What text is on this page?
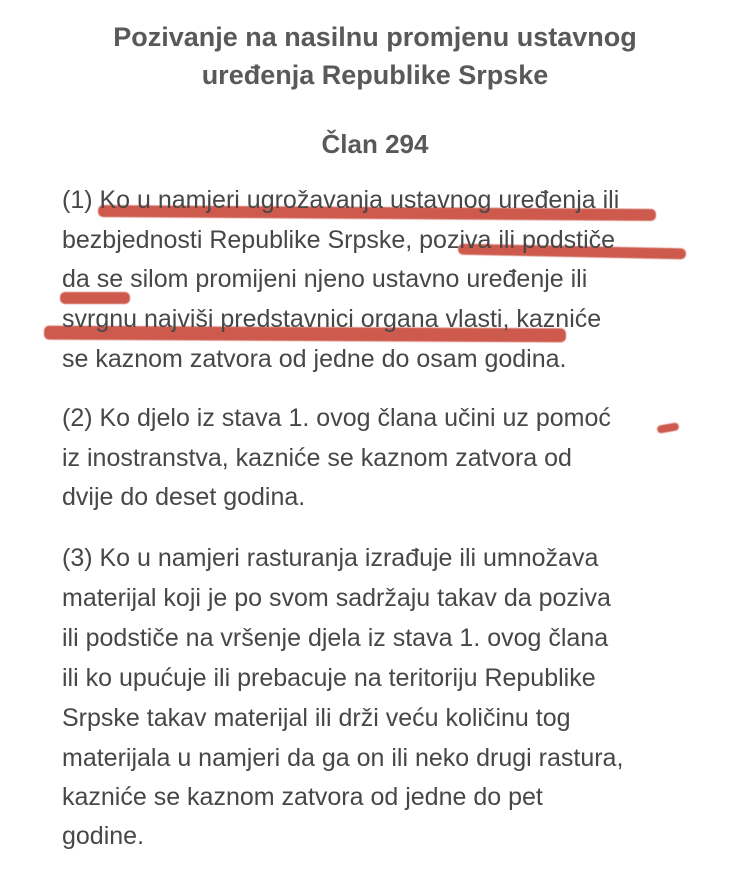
Pozivanje na nasilnu promjenu ustavnog
uređenja Republike Srpske
Član 294
(1) Ko u namjeri ugrožavanja ustavnog uređenja ili
bezbjednosti Republike Srpske, poziva ili podstiče
da se silom promijeni njeno ustavno uređenje ili
svrgnu najviši predstavnici organa vlasti, kazniće
se kaznom zatvora od jedne do osam godina.
(2) Ko djelo iz stava 1. ovog člana učini uz pomoć
iz inostranstva, kazniće se kaznom zatvora od
dvije do deset godina.
(3) Ko u namjeri rasturanja izrađuje ili umnožava
materijal koji je po svom sadržaju takav da poziva
ili podstiče na vršenje djela iz stava 1. ovog člana
ili ko upućuje ili prebacuje na teritoriju Republike
Srpske takav materijal ili drži veću količinu tog
materijala u namjeri da ga on ili neko drugi rastura,
kazniće se kaznom zatvora od jedne do pet
godine.
